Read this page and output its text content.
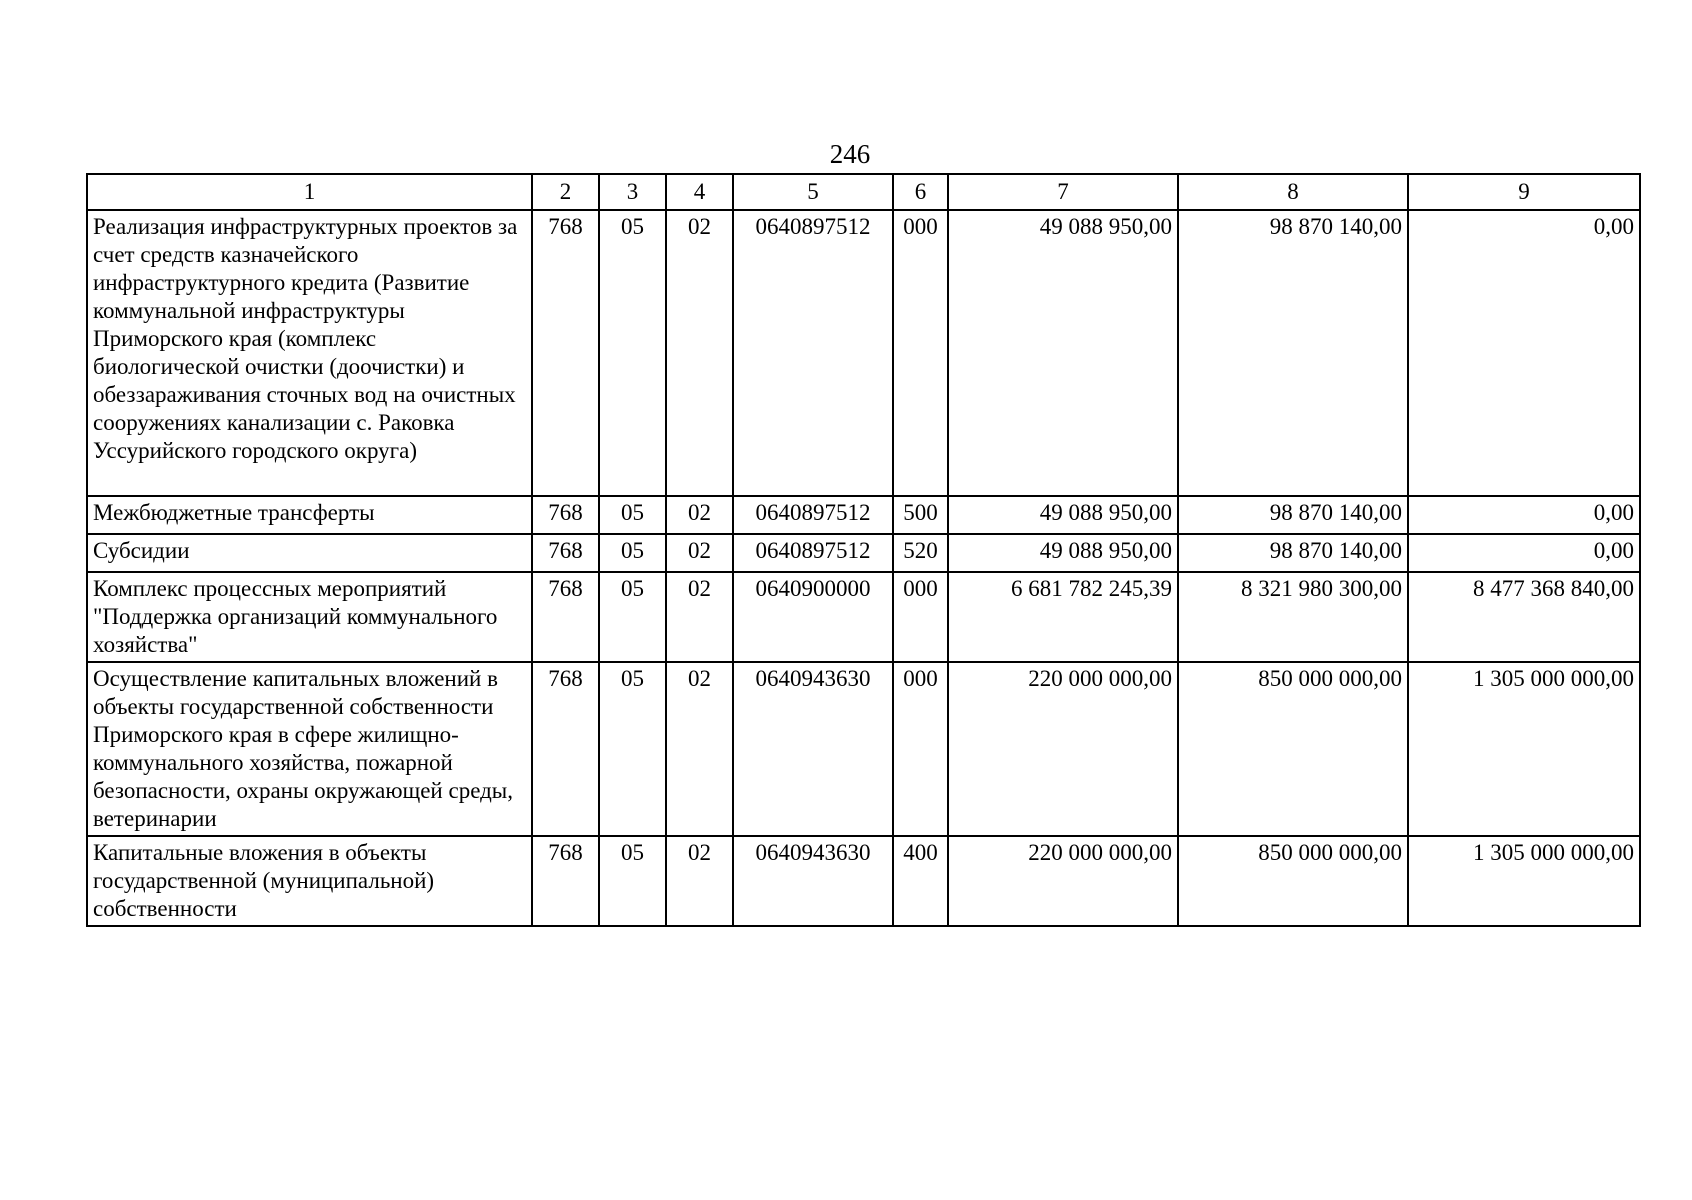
246
1	2	3	4	5	6	7	8	9
Реализация инфраструктурных проектов за счет средств казначейского инфраструктурного кредита (Развитие коммунальной инфраструктуры Приморского края (комплекс биологической очистки (доочистки) и обеззараживания сточных вод на очистных сооружениях канализации с. Раковка Уссурийского городского округа)	768	05	02	0640897512	000	49 088 950,00	98 870 140,00	0,00
Межбюджетные трансферты	768	05	02	0640897512	500	49 088 950,00	98 870 140,00	0,00
Субсидии	768	05	02	0640897512	520	49 088 950,00	98 870 140,00	0,00
Комплекс процессных мероприятий "Поддержка организаций коммунального хозяйства"	768	05	02	0640900000	000	6 681 782 245,39	8 321 980 300,00	8 477 368 840,00
Осуществление капитальных вложений в объекты государственной собственности Приморского края в сфере жилищно-коммунального хозяйства, пожарной безопасности, охраны окружающей среды, ветеринарии	768	05	02	0640943630	000	220 000 000,00	850 000 000,00	1 305 000 000,00
Капитальные вложения в объекты государственной (муниципальной) собственности	768	05	02	0640943630	400	220 000 000,00	850 000 000,00	1 305 000 000,00
